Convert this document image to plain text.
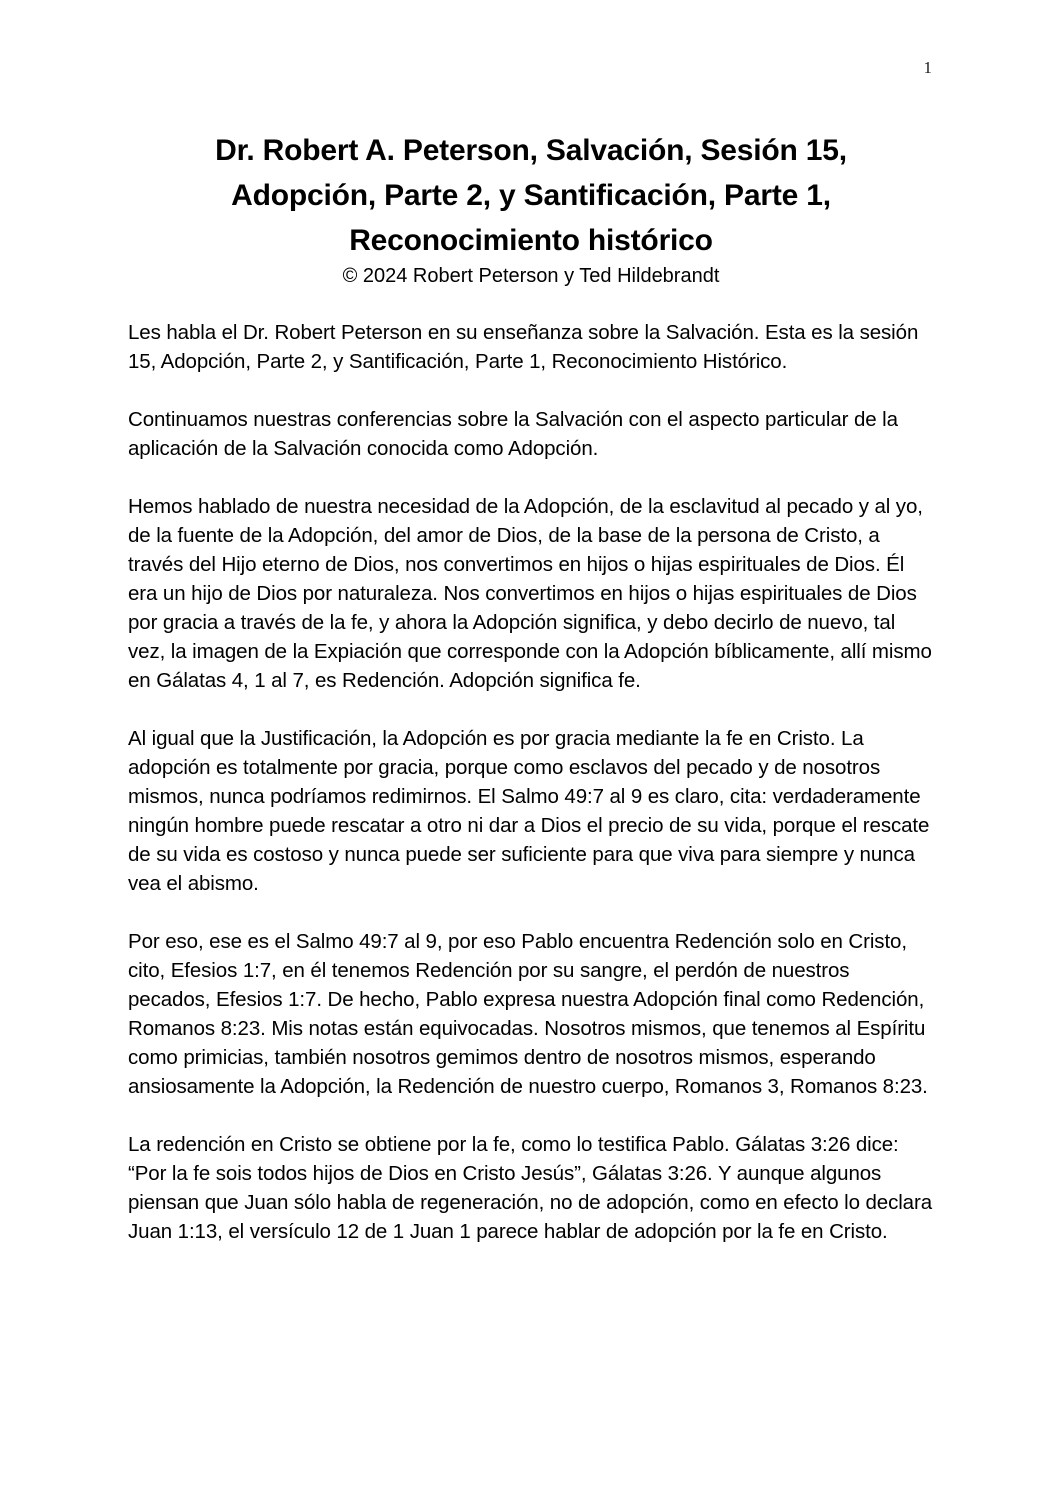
1
Dr. Robert A. Peterson, Salvación, Sesión 15,
Adopción, Parte 2, y Santificación, Parte 1,
Reconocimiento histórico
© 2024 Robert Peterson y Ted Hildebrandt

Les habla el Dr. Robert Peterson en su enseñanza sobre la Salvación. Esta es la sesión 15, Adopción, Parte 2, y Santificación, Parte 1, Reconocimiento Histórico.

Continuamos nuestras conferencias sobre la Salvación con el aspecto particular de la aplicación de la Salvación conocida como Adopción.

Hemos hablado de nuestra necesidad de la Adopción, de la esclavitud al pecado y al yo, de la fuente de la Adopción, del amor de Dios, de la base de la persona de Cristo, a través del Hijo eterno de Dios, nos convertimos en hijos o hijas espirituales de Dios. Él era un hijo de Dios por naturaleza. Nos convertimos en hijos o hijas espirituales de Dios por gracia a través de la fe, y ahora la Adopción significa, y debo decirlo de nuevo, tal vez, la imagen de la Expiación que corresponde con la Adopción bíblicamente, allí mismo en Gálatas 4, 1 al 7, es Redención. Adopción significa fe.

Al igual que la Justificación, la Adopción es por gracia mediante la fe en Cristo. La adopción es totalmente por gracia, porque como esclavos del pecado y de nosotros mismos, nunca podríamos redimirnos. El Salmo 49:7 al 9 es claro, cita: verdaderamente ningún hombre puede rescatar a otro ni dar a Dios el precio de su vida, porque el rescate de su vida es costoso y nunca puede ser suficiente para que viva para siempre y nunca vea el abismo.

Por eso, ese es el Salmo 49:7 al 9, por eso Pablo encuentra Redención solo en Cristo, cito, Efesios 1:7, en él tenemos Redención por su sangre, el perdón de nuestros pecados, Efesios 1:7. De hecho, Pablo expresa nuestra Adopción final como Redención, Romanos 8:23. Mis notas están equivocadas. Nosotros mismos, que tenemos al Espíritu como primicias, también nosotros gemimos dentro de nosotros mismos, esperando ansiosamente la Adopción, la Redención de nuestro cuerpo, Romanos 3, Romanos 8:23.

La redención en Cristo se obtiene por la fe, como lo testifica Pablo. Gálatas 3:26 dice: “Por la fe sois todos hijos de Dios en Cristo Jesús”, Gálatas 3:26. Y aunque algunos piensan que Juan sólo habla de regeneración, no de adopción, como en efecto lo declara Juan 1:13, el versículo 12 de 1 Juan 1 parece hablar de adopción por la fe en Cristo.
